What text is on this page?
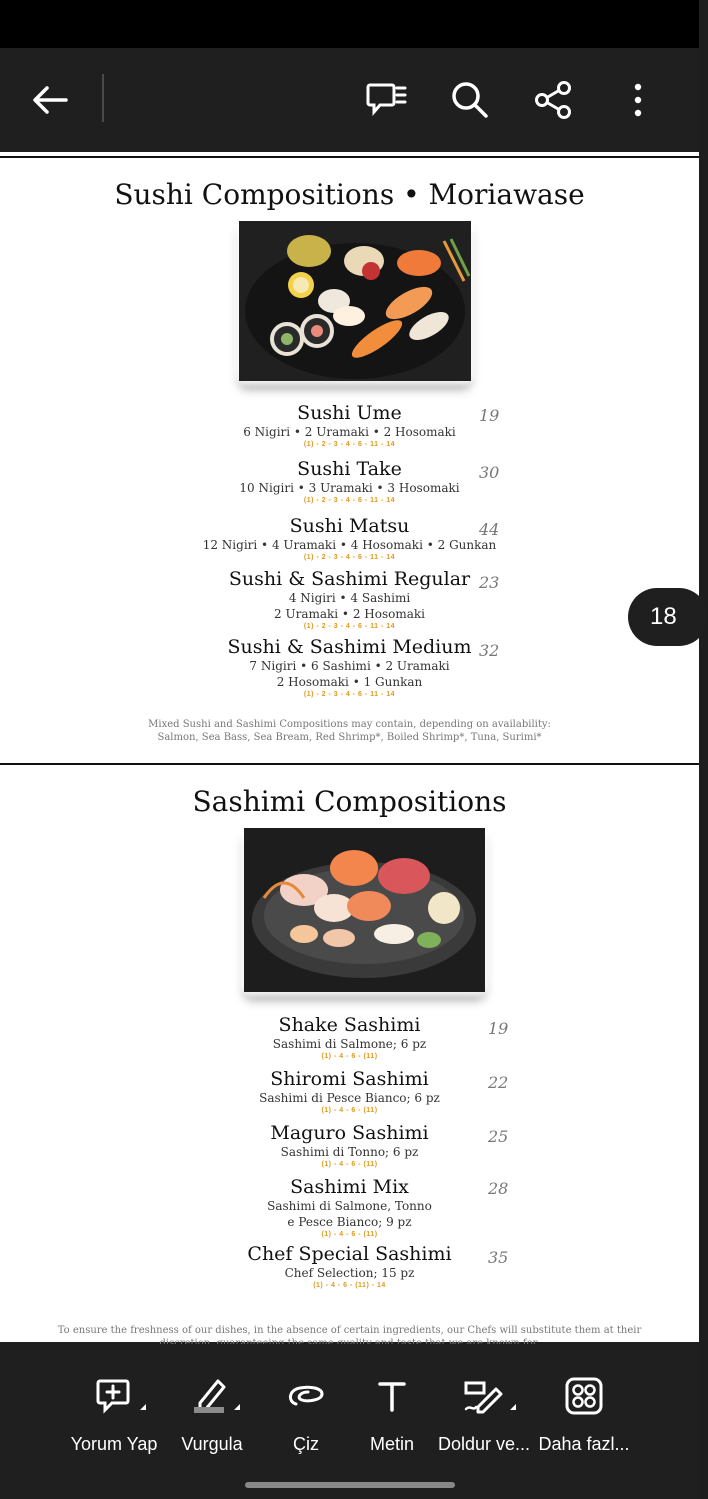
Sushi Compositions • Moriawase
Sushi Ume
6 Nigiri • 2 Uramaki • 2 Hosomaki
(1) - 2 - 3 - 4 - 6 - 11 - 14
19
Sushi Take
10 Nigiri • 3 Uramaki • 3 Hosomaki
(1) - 2 - 3 - 4 - 6 - 11 - 14
30
Sushi Matsu
12 Nigiri • 4 Uramaki • 4 Hosomaki • 2 Gunkan
(1) - 2 - 3 - 4 - 6 - 11 - 14
44
Sushi & Sashimi Regular
4 Nigiri • 4 Sashimi
2 Uramaki • 2 Hosomaki
(1) - 2 - 3 - 4 - 6 - 11 - 14
23
Sushi & Sashimi Medium
7 Nigiri • 6 Sashimi • 2 Uramaki
2 Hosomaki • 1 Gunkan
(1) - 2 - 3 - 4 - 6 - 11 - 14
32
Mixed Sushi and Sashimi Compositions may contain, depending on availability:
Salmon, Sea Bass, Sea Bream, Red Shrimp*, Boiled Shrimp*, Tuna, Surimi*
Sashimi Compositions
Shake Sashimi
Sashimi di Salmone; 6 pz
(1) - 4 - 6 - (11)
19
Shiromi Sashimi
Sashimi di Pesce Bianco; 6 pz
(1) - 4 - 6 - (11)
22
Maguro Sashimi
Sashimi di Tonno; 6 pz
(1) - 4 - 6 - (11)
25
Sashimi Mix
Sashimi di Salmone, Tonno
e Pesce Bianco; 9 pz
(1) - 4 - 6 - (11)
28
Chef Special Sashimi
Chef Selection; 15 pz
(1) - 4 - 6 - (11) - 14
35
To ensure the freshness of our dishes, in the absence of certain ingredients, our Chefs will substitute them at their

18
Yorum Yap	Vurgula	Çiz	Metin	Doldur ve... Daha fazl...
